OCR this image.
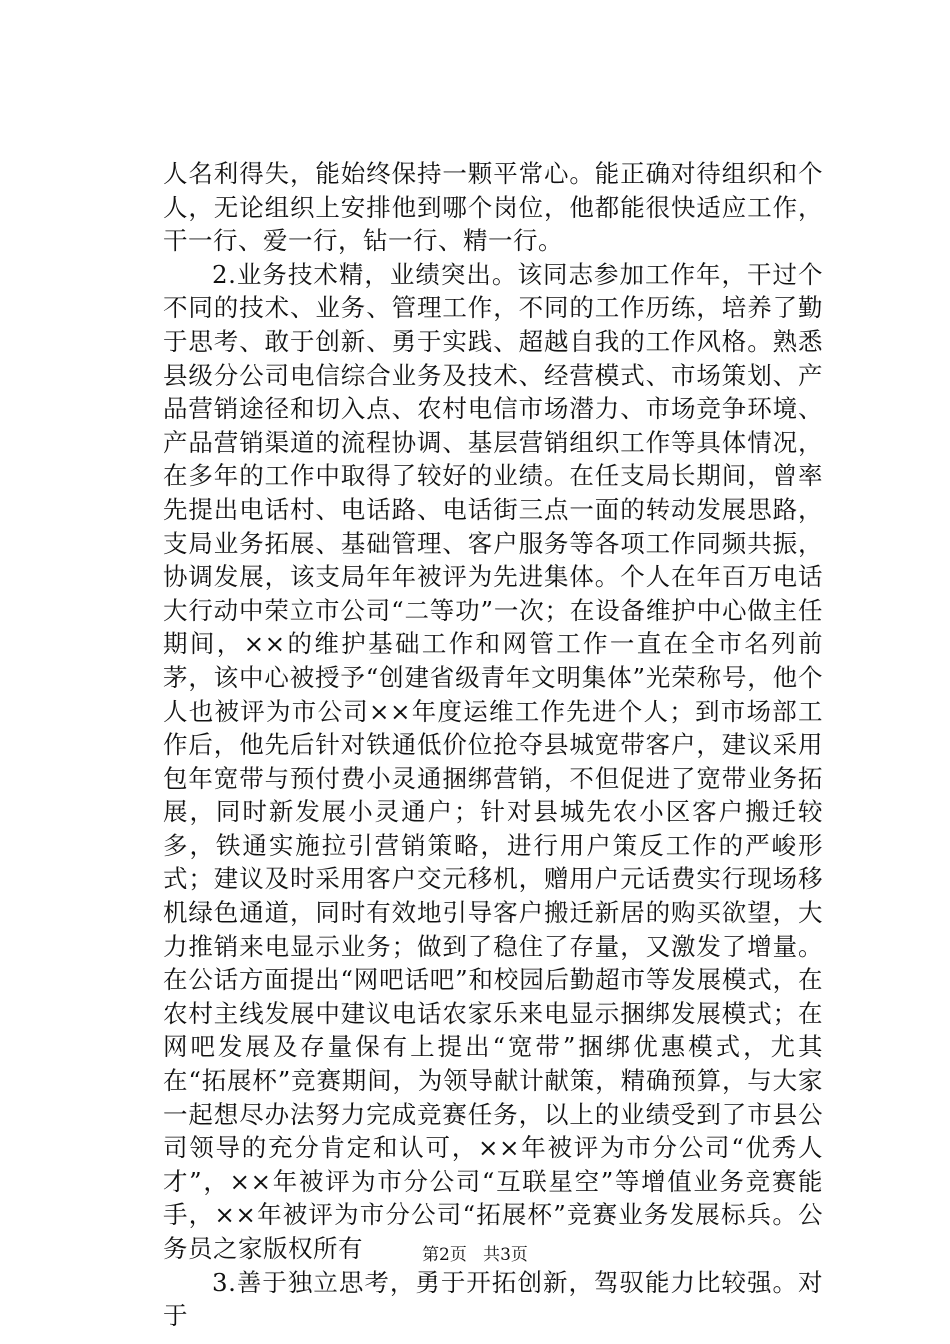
人名利得失，能始终保持一颗平常心。能正确对待组织和个人，无论组织上安排他到哪个岗位，他都能很快适应工作，干一行、爱一行，钻一行、精一行。

2.业务技术精，业绩突出。该同志参加工作年，干过个不同的技术、业务、管理工作，不同的工作历练，培养了勤于思考、敢于创新、勇于实践、超越自我的工作风格。熟悉县级分公司电信综合业务及技术、经营模式、市场策划、产品营销途径和切入点、农村电信市场潜力、市场竞争环境、产品营销渠道的流程协调、基层营销组织工作等具体情况，在多年的工作中取得了较好的业绩。在任支局长期间，曾率先提出电话村、电话路、电话街三点一面的转动发展思路，支局业务拓展、基础管理、客户服务等各项工作同频共振，协调发展，该支局年年被评为先进集体。个人在年百万电话大行动中荣立市公司“二等功”一次；在设备维护中心做主任期间，××的维护基础工作和网管工作一直在全市名列前茅，该中心被授予“创建省级青年文明集体”光荣称号，他个人也被评为市公司××年度运维工作先进个人；到市场部工作后，他先后针对铁通低价位抢夺县城宽带客户，建议采用包年宽带与预付费小灵通捆绑营销，不但促进了宽带业务拓展，同时新发展小灵通户；针对县城先农小区客户搬迁较多，铁通实施拉引营销策略，进行用户策反工作的严峻形式；建议及时采用客户交元移机，赠用户元话费实行现场移机绿色通道，同时有效地引导客户搬迁新居的购买欲望，大力推销来电显示业务；做到了稳住了存量，又激发了增量。在公话方面提出“网吧话吧”和校园后勤超市等发展模式，在农村主线发展中建议电话农家乐来电显示捆绑发展模式；在网吧发展及存量保有上提出“宽带”捆绑优惠模式，尤其在“拓展杯”竞赛期间，为领导献计献策，精确预算，与大家一起想尽办法努力完成竞赛任务，以上的业绩受到了市县公司领导的充分肯定和认可，××年被评为市分公司“优秀人才”，××年被评为市分公司“互联星空”等增值业务竞赛能手，××年被评为市分公司“拓展杯”竞赛业务发展标兵。公务员之家版权所有

3.善于独立思考，勇于开拓创新，驾驭能力比较强。对于

第2页 共3页
